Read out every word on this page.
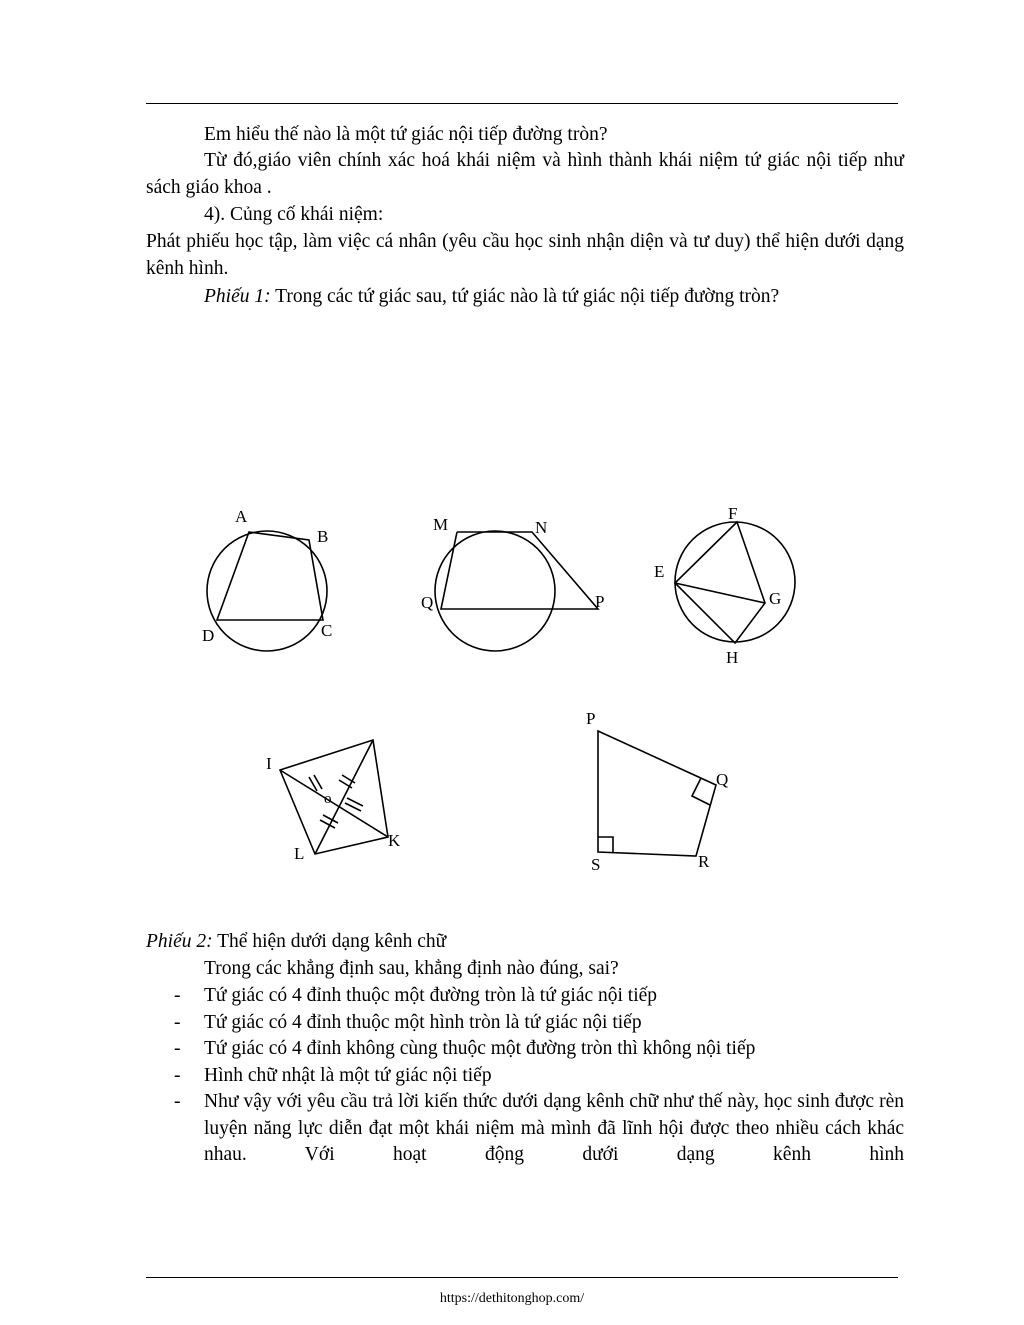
Em hiểu thế nào là một tứ giác nội tiếp đường tròn?
Từ đó,giáo viên chính xác hoá khái niệm và hình thành khái niệm tứ giác nội tiếp như sách giáo khoa .
4). Củng cố khái niệm:
Phát phiếu học tập, làm việc cá nhân (yêu cầu học sinh nhận diện và tư duy) thể hiện dưới dạng kênh hình.
Phiếu 1: Trong các tứ giác sau, tứ giác nào là tứ giác nội tiếp đường tròn?
A
B
C
D
M	N
P
Q
F
E
G
H
I
o
K
L
P
Q
R
S
Phiếu 2: Thể hiện dưới dạng kênh chữ
Trong các khẳng định sau, khẳng định nào đúng, sai?
-	Tứ giác có 4 đỉnh thuộc một đường tròn là tứ giác nội tiếp
-	Tứ giác có 4 đỉnh thuộc một hình tròn là tứ giác nội tiếp
-	Tứ giác có 4 đỉnh không cùng thuộc một đường tròn thì không nội tiếp
-	Hình chữ nhật là một tứ giác nội tiếp
-	Như vậy với yêu cầu trả lời kiến thức dưới dạng kênh chữ như thế này, học sinh được rèn luyện năng lực diễn đạt một khái niệm mà mình đã lĩnh hội được theo nhiều cách khác nhau. Với hoạt động dưới dạng kênh hình
https://dethitonghop.com/
